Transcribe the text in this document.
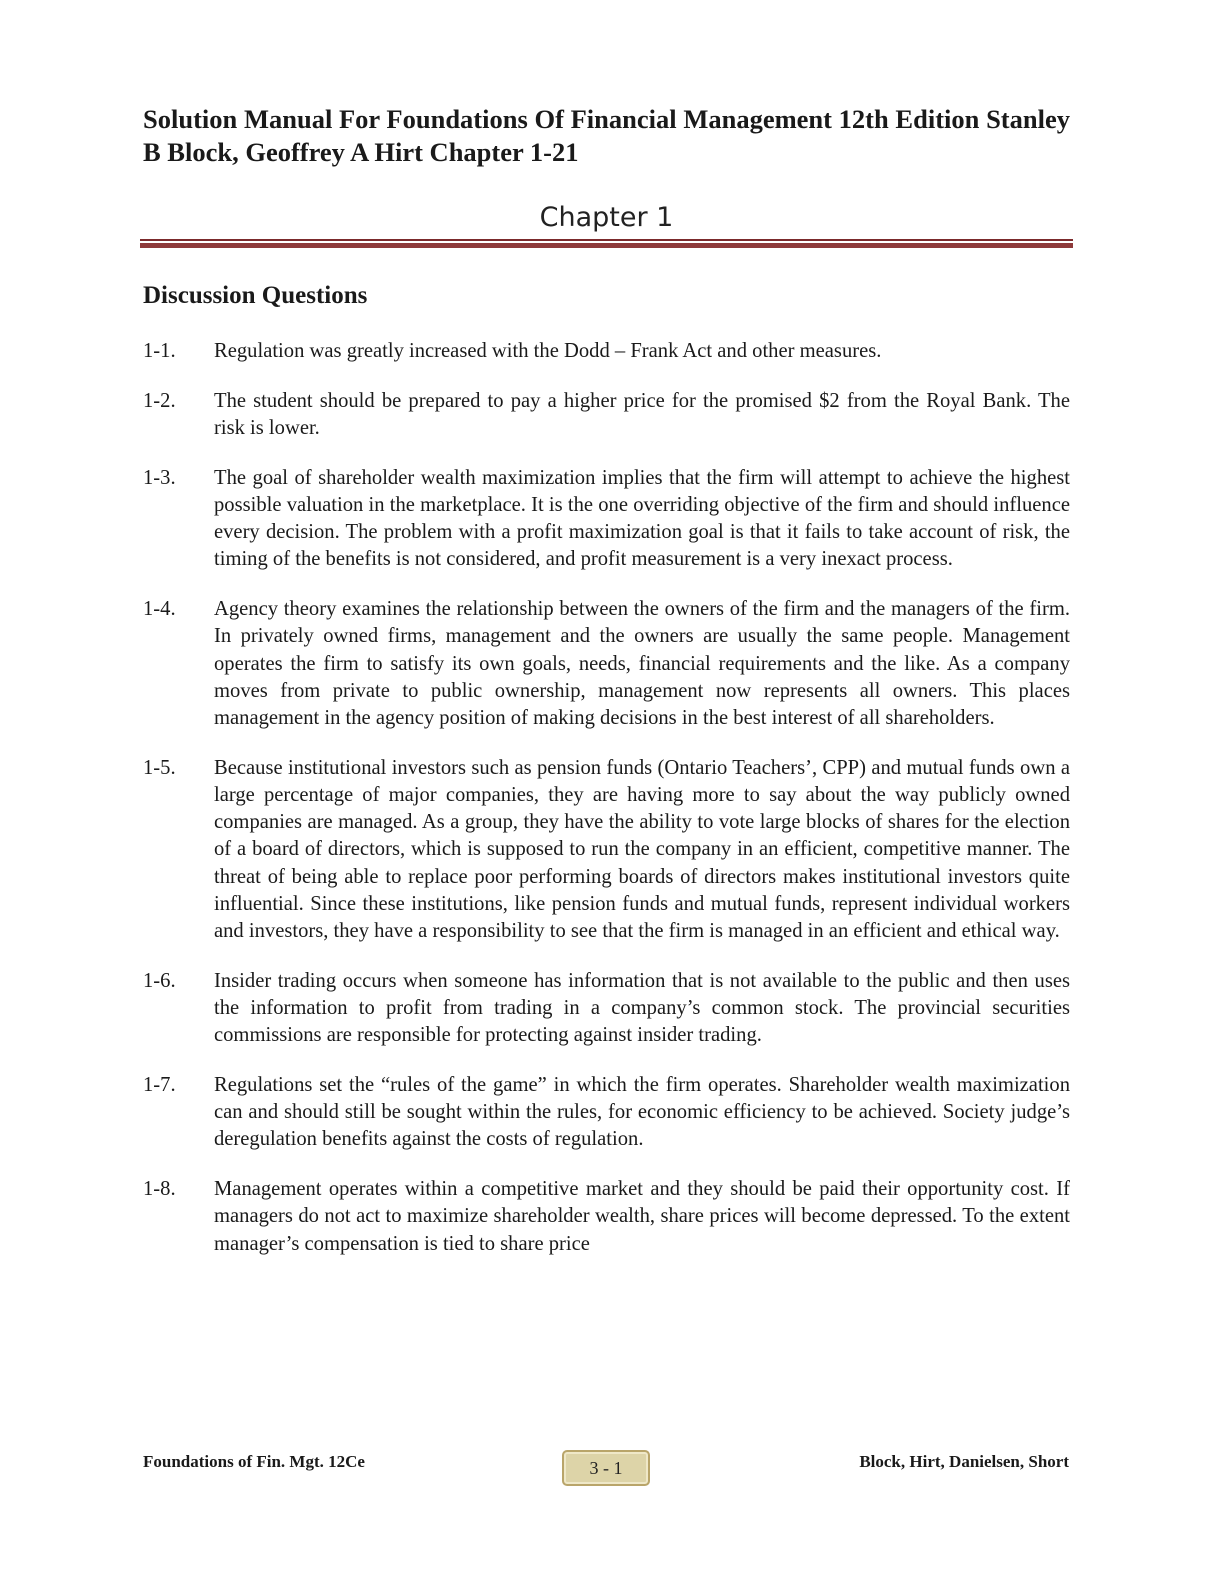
Solution Manual For Foundations Of Financial Management 12th Edition Stanley B Block, Geoffrey A Hirt Chapter 1-21
Chapter 1
Discussion Questions
1-1. Regulation was greatly increased with the Dodd – Frank Act and other measures.
1-2. The student should be prepared to pay a higher price for the promised $2 from the Royal Bank. The risk is lower.
1-3. The goal of shareholder wealth maximization implies that the firm will attempt to achieve the highest possible valuation in the marketplace. It is the one overriding objective of the firm and should influence every decision. The problem with a profit maximization goal is that it fails to take account of risk, the timing of the benefits is not considered, and profit measurement is a very inexact process.
1-4. Agency theory examines the relationship between the owners of the firm and the managers of the firm. In privately owned firms, management and the owners are usually the same people. Management operates the firm to satisfy its own goals, needs, financial requirements and the like. As a company moves from private to public ownership, management now represents all owners. This places management in the agency position of making decisions in the best interest of all shareholders.
1-5. Because institutional investors such as pension funds (Ontario Teachers’, CPP) and mutual funds own a large percentage of major companies, they are having more to say about the way publicly owned companies are managed. As a group, they have the ability to vote large blocks of shares for the election of a board of directors, which is supposed to run the company in an efficient, competitive manner. The threat of being able to replace poor performing boards of directors makes institutional investors quite influential. Since these institutions, like pension funds and mutual funds, represent individual workers and investors, they have a responsibility to see that the firm is managed in an efficient and ethical way.
1-6. Insider trading occurs when someone has information that is not available to the public and then uses the information to profit from trading in a company’s common stock. The provincial securities commissions are responsible for protecting against insider trading.
1-7. Regulations set the “rules of the game” in which the firm operates. Shareholder wealth maximization can and should still be sought within the rules, for economic efficiency to be achieved. Society judge’s deregulation benefits against the costs of regulation.
1-8. Management operates within a competitive market and they should be paid their opportunity cost. If managers do not act to maximize shareholder wealth, share prices will become depressed. To the extent manager’s compensation is tied to share price
Foundations of Fin. Mgt. 12Ce	3 - 1	Block, Hirt, Danielsen, Short
